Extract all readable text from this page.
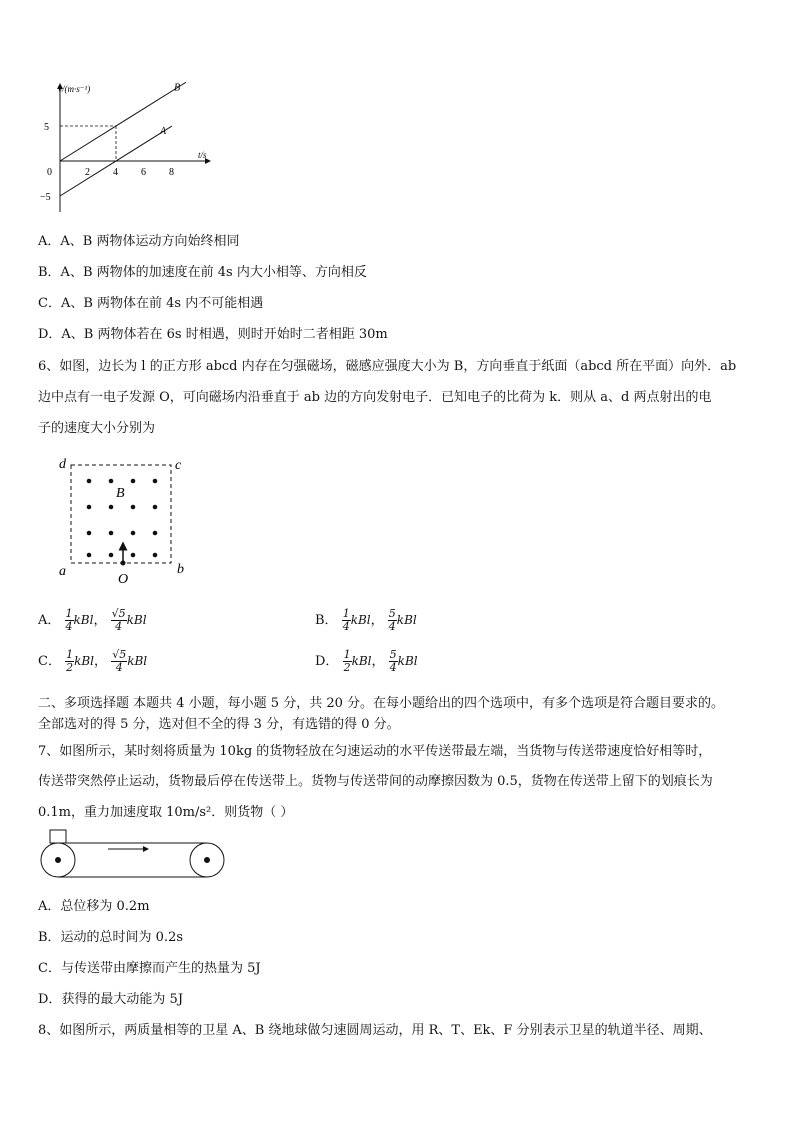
B
A
2 4 6 8
5
−5
v/(m·s⁻¹)
t/s
0
A．A、B 两物体运动方向始终相同
B．A、B 两物体的加速度在前 4s 内大小相等、方向相反
C．A、B 两物体在前 4s 内不可能相遇
D．A、B 两物体若在 6s 时相遇，则时开始时二者相距 30m
6、如图，边长为 l 的正方形 abcd 内存在匀强磁场，磁感应强度大小为 B，方向垂直于纸面（abcd 所在平面）向外．ab
边中点有一电子发源 O，可向磁场内沿垂直于 ab 边的方向发射电子．已知电子的比荷为 k．则从 a、d 两点射出的电
子的速度大小分别为
d	c
a	b
B
O
A． $\frac{1}{4}$ kBl， $\frac{√5}{4}$ kBl	B． $\frac{1}{4}$ kBl， $\frac{5}{4}$ kBl
C． $\frac{1}{2}$ kBl， $\frac{√5}{4}$ kBl	D． $\frac{1}{2}$ kBl， $\frac{5}{4}$ kBl
二、多项选择题 本题共 4 小题，每小题 5 分，共 20 分。在每小题给出的四个选项中，有多个选项是符合题目要求的。
全部选对的得 5 分，选对但不全的得 3 分，有选错的得 0 分。
7、如图所示，某时刻将质量为 10kg 的货物轻放在匀速运动的水平传送带最左端，当货物与传送带速度恰好相等时，
传送带突然停止运动，货物最后停在传送带上。货物与传送带间的动摩擦因数为 0.5，货物在传送带上留下的划痕长为
0.1m，重力加速度取 10m/s²．则货物（ ）
A．总位移为 0.2m
B．运动的总时间为 0.2s
C．与传送带由摩擦而产生的热量为 5J
D．获得的最大动能为 5J
8、如图所示，两质量相等的卫星 A、B 绕地球做匀速圆周运动，用 R、T、Ek、F 分别表示卫星的轨道半径、周期、
